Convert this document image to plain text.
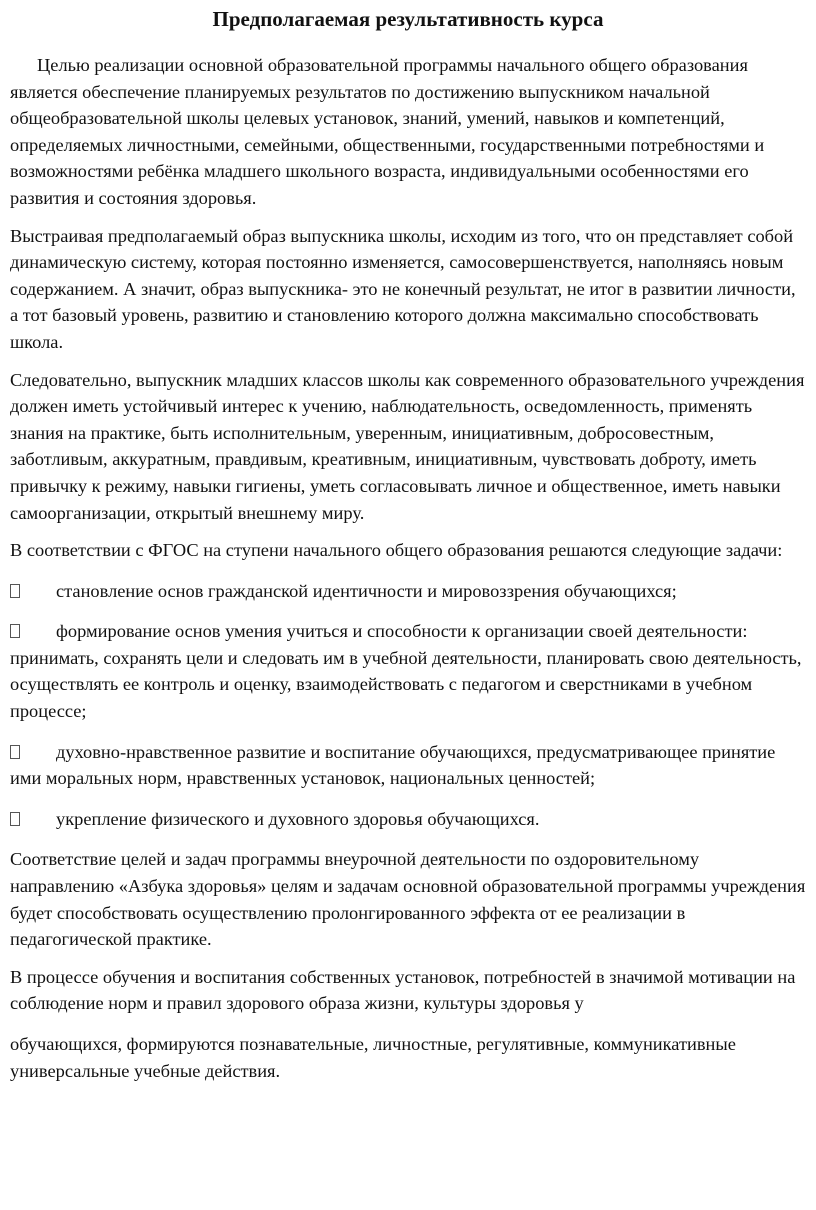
Предполагаемая результативность курса

Целью реализации основной образовательной программы начального общего образования является обеспечение планируемых результатов по достижению выпускником начальной общеобразовательной школы целевых установок, знаний, умений, навыков и компетенций, определяемых личностными, семейными, общественными, государственными потребностями и возможностями ребёнка младшего школьного возраста, индивидуальными особенностями его развития и состояния здоровья.

Выстраивая предполагаемый образ выпускника школы, исходим из того, что он представляет собой динамическую систему, которая постоянно изменяется, самосовершенствуется, наполняясь новым содержанием. А значит, образ выпускника- это не конечный результат, не итог в развитии личности, а тот базовый уровень, развитию и становлению которого должна максимально способствовать школа.

Следовательно, выпускник младших классов школы как современного образовательного учреждения должен иметь устойчивый интерес к учению, наблюдательность, осведомленность, применять знания на практике, быть исполнительным, уверенным, инициативным, добросовестным, заботливым, аккуратным, правдивым, креативным, инициативным, чувствовать доброту, иметь привычку к режиму, навыки гигиены, уметь согласовывать личное и общественное, иметь навыки самоорганизации, открытый внешнему миру.

В соответствии с ФГОС на ступени начального общего образования решаются следующие задачи:

становление основ гражданской идентичности и мировоззрения обучающихся;

формирование основ умения учиться и способности к организации своей деятельности: принимать, сохранять цели и следовать им в учебной деятельности, планировать свою деятельность, осуществлять ее контроль и оценку, взаимодействовать с педагогом и сверстниками в учебном процессе;

духовно-нравственное развитие и воспитание обучающихся, предусматривающее принятие ими моральных норм, нравственных установок, национальных ценностей;

укрепление физического и духовного здоровья обучающихся.

Соответствие целей и задач программы внеурочной деятельности по оздоровительному направлению «Азбука здоровья» целям и задачам основной образовательной программы учреждения будет способствовать осуществлению пролонгированного эффекта от ее реализации в педагогической практике.

В процессе обучения и воспитания собственных установок, потребностей в значимой мотивации на соблюдение норм и правил здорового образа жизни, культуры здоровья у

обучающихся, формируются познавательные, личностные, регулятивные, коммуникативные универсальные учебные действия.
